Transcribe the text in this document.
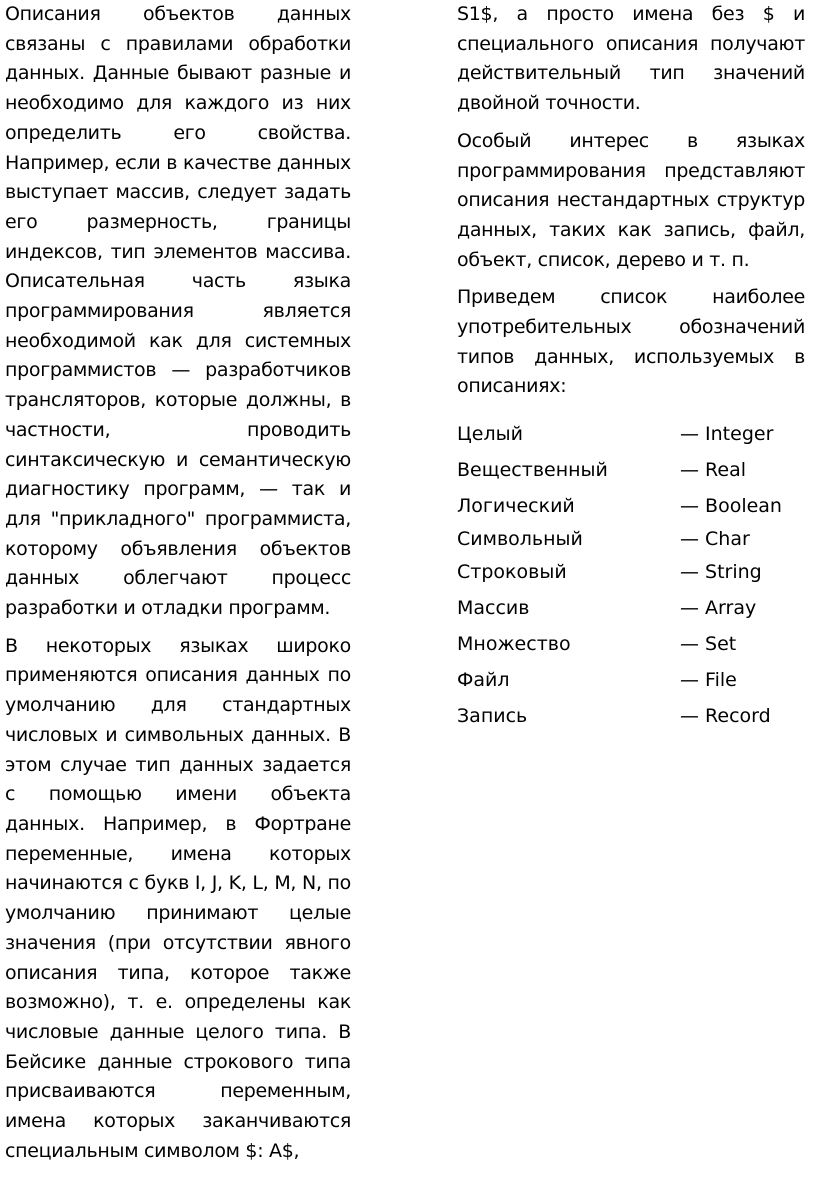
Описания объектов данных связаны с правилами обработки данных. Данные бывают разные и необходимо для каждого из них определить его свойства. Например, если в качестве данных выступает массив, следует задать его размерность, границы индексов, тип элементов массива. Описательная часть языка программирования является необходимой как для системных программистов — разработчиков трансляторов, которые должны, в частности, проводить синтаксическую и семантическую диагностику программ, — так и для "прикладного" программиста, которому объявления объектов данных облегчают процесс разработки и отладки программ.

В некоторых языках широко применяются описания данных по умолчанию для стандартных числовых и символьных данных. В этом случае тип данных задается с помощью имени объекта данных. Например, в Фортране переменные, имена которых начинаются с букв I, J, K, L, M, N, по умолчанию принимают целые значения (при отсутствии явного описания типа, которое также возможно), т. е. определены как числовые данные целого типа. В Бейсике данные строкового типа присваиваются переменным, имена которых заканчиваются специальным символом $: A$,

S1$, а просто имена без $ и специального описания получают действительный тип значений двойной точности.

Особый интерес в языках программирования представляют описания нестандартных структур данных, таких как запись, файл, объект, список, дерево и т. п.

Приведем список наиболее употребительных обозначений типов данных, используемых в описаниях:

Целый	— Integer
Вещественный	— Real
Логический	— Boolean
Символьный	— Char
Строковый	— String
Массив	— Array
Множество	— Set
Файл	— File
Запись	— Record
